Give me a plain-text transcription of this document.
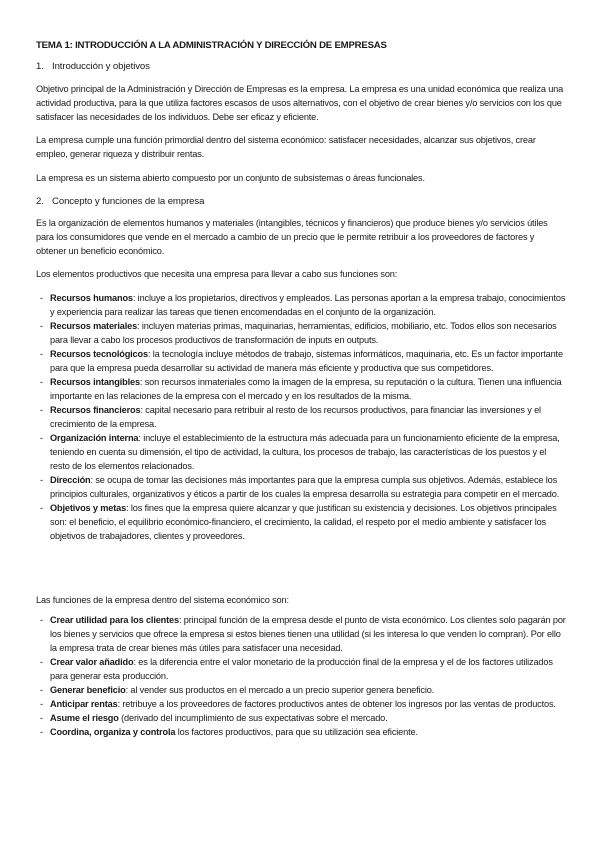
TEMA 1: INTRODUCCIÓN A LA ADMINISTRACIÓN Y DIRECCIÓN DE EMPRESAS
1. Introducción y objetivos

Objetivo principal de la Administración y Dirección de Empresas es la empresa. La empresa es una unidad económica que realiza una actividad productiva, para la que utiliza factores escasos de usos alternativos, con el objetivo de crear bienes y/o servicios con los que satisfacer las necesidades de los individuos. Debe ser eficaz y eficiente.

La empresa cumple una función primordial dentro del sistema económico: satisfacer necesidades, alcanzar sus objetivos, crear empleo, generar riqueza y distribuir rentas.

La empresa es un sistema abierto compuesto por un conjunto de subsistemas o áreas funcionales.

2. Concepto y funciones de la empresa

Es la organización de elementos humanos y materiales (intangibles, técnicos y financieros) que produce bienes y/o servicios útiles para los consumidores que vende en el mercado a cambio de un precio que le permite retribuir a los proveedores de factores y obtener un beneficio económico.

Los elementos productivos que necesita una empresa para llevar a cabo sus funciones son:

- Recursos humanos: incluye a los propietarios, directivos y empleados. Las personas aportan a la empresa trabajo, conocimientos y experiencia para realizar las tareas que tienen encomendadas en el conjunto de la organización.
- Recursos materiales: incluyen materias primas, maquinarias, herramientas, edificios, mobiliario, etc. Todos ellos son necesarios para llevar a cabo los procesos productivos de transformación de inputs en outputs.
- Recursos tecnológicos: la tecnología incluye métodos de trabajo, sistemas informáticos, maquinaria, etc. Es un factor importante para que la empresa pueda desarrollar su actividad de manera más eficiente y productiva que sus competidores.
- Recursos intangibles: son recursos inmateriales como la imagen de la empresa, su reputación o la cultura. Tienen una influencia importante en las relaciones de la empresa con el mercado y en los resultados de la misma.
- Recursos financieros: capital necesario para retribuir al resto de los recursos productivos, para financiar las inversiones y el crecimiento de la empresa.
- Organización interna: incluye el establecimiento de la estructura más adecuada para un funcionamiento eficiente de la empresa, teniendo en cuenta su dimensión, el tipo de actividad, la cultura, los procesos de trabajo, las características de los puestos y el resto de los elementos relacionados.
- Dirección: se ocupa de tomar las decisiones más importantes para que la empresa cumpla sus objetivos. Además, establece los principios culturales, organizativos y éticos a partir de los cuales la empresa desarrolla su estrategia para competir en el mercado.
- Objetivos y metas: los fines que la empresa quiere alcanzar y que justifican su existencia y decisiones. Los objetivos principales son: el beneficio, el equilibrio económico-financiero, el crecimiento, la calidad, el respeto por el medio ambiente y satisfacer los objetivos de trabajadores, clientes y proveedores.

Las funciones de la empresa dentro del sistema económico son:

- Crear utilidad para los clientes: principal función de la empresa desde el punto de vista económico. Los clientes solo pagarán por los bienes y servicios que ofrece la empresa si estos bienes tienen una utilidad (si les interesa lo que venden lo compran). Por ello la empresa trata de crear bienes más útiles para satisfacer una necesidad.
- Crear valor añadido: es la diferencia entre el valor monetario de la producción final de la empresa y el de los factores utilizados para generar esta producción.
- Generar beneficio: al vender sus productos en el mercado a un precio superior genera beneficio.
- Anticipar rentas: retribuye a los proveedores de factores productivos antes de obtener los ingresos por las ventas de productos.
- Asume el riesgo (derivado del incumplimiento de sus expectativas sobre el mercado.
- Coordina, organiza y controla los factores productivos, para que su utilización sea eficiente.
